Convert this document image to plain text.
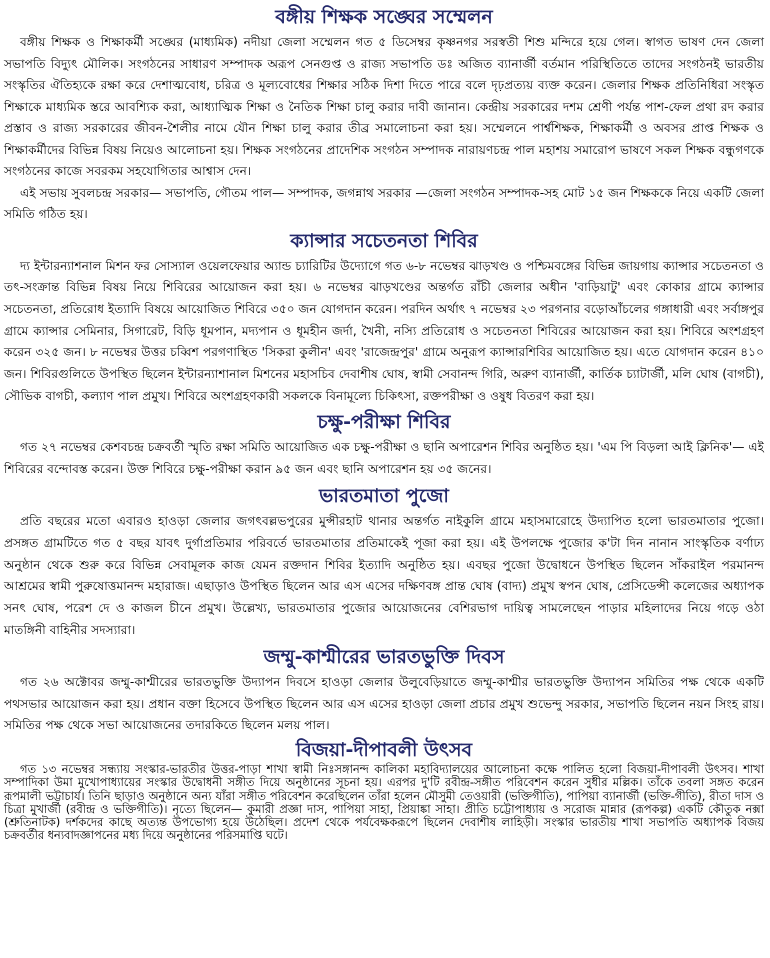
বঙ্গীয় শিক্ষক সঙ্ঘের সম্মেলন

বঙ্গীয় শিক্ষক ও শিক্ষাকর্মী সঙ্ঘের (মাধ্যমিক) নদীয়া জেলা সম্মেলন গত ৫ ডিসেম্বর কৃষ্ণনগর সরস্বতী শিশু মন্দিরে হয়ে গেল। স্বাগত ভাষণ দেন জেলা সভাপতি বিদ্যুৎ মৌলিক। সংগঠনের সাধারণ সম্পাদক অরূপ সেনগুপ্ত ও রাজ্য সভাপতি ডঃ অজিত ব্যানার্জী বর্তমান পরিস্থিতিতে তাদের সংগঠনই ভারতীয় সংস্কৃতির ঐতিহ্যকে রক্ষা করে দেশাত্মবোধ, চরিত্র ও মূল্যবোধের শিক্ষার সঠিক দিশা দিতে পারে বলে দৃঢ়প্রত্যয় ব্যক্ত করেন। জেলার শিক্ষক প্রতিনিধিরা সংস্কৃত শিক্ষাকে মাধ্যমিক স্তরে আবশ্যিক করা, আধ্যাত্মিক শিক্ষা ও নৈতিক শিক্ষা চালু করার দাবী জানান। কেন্দ্রীয় সরকারের দশম শ্রেণী পর্যন্ত পাশ-ফেল প্রথা রদ করার প্রস্তাব ও রাজ্য সরকারের জীবন-শৈলীর নামে যৌন শিক্ষা চালু করার তীব্র সমালোচনা করা হয়। সম্মেলনে পার্শ্বশিক্ষক, শিক্ষাকর্মী ও অবসর প্রাপ্ত শিক্ষক ও শিক্ষাকর্মীদের বিভিন্ন বিষয় নিয়েও আলোচনা হয়। শিক্ষক সংগঠনের প্রাদেশিক সংগঠন সম্পাদক নারায়ণচন্দ্র পাল মহাশয় সমারোপ ভাষণে সকল শিক্ষক বন্ধুগণকে সংগঠনের কাজে সবরকম সহযোগিতার আশ্বাস দেন।

এই সভায় সুবলচন্দ্র সরকার— সভাপতি, গৌতম পাল— সম্পাদক, জগন্নাথ সরকার —জেলা সংগঠন সম্পাদক-সহ মোট ১৫ জন শিক্ষককে নিয়ে একটি জেলা সমিতি গঠিত হয়।

ক্যান্সার সচেতনতা শিবির

দ্য ইন্টারন্যাশনাল মিশন ফর সোস্যাল ওয়েলফেয়ার অ্যান্ড চ্যারিটির উদ্যোগে গত ৬-৮ নভেম্বর ঝাড়খণ্ড ও পশ্চিমবঙ্গের বিভিন্ন জায়গায় ক্যান্সার সচেতনতা ও তৎ-সংক্রান্ত বিভিন্ন বিষয় নিয়ে শিবিরের আয়োজন করা হয়। ৬ নভেম্বর ঝাড়খণ্ডের অন্তর্গত রাঁচী জেলার অধীন 'বাড়িয়াটু' এবং কোকার গ্রামে ক্যান্সার সচেতনতা, প্রতিরোধ ইত্যাদি বিষয়ে আয়োজিত শিবিরে ৩৫০ জন যোগদান করেন। পরদিন অর্থাৎ ৭ নভেম্বর ২৩ পরগনার বড়োআঁচলের গঙ্গাধারী এবং সর্বাঙ্গপুর গ্রামে ক্যান্সার সেমিনার, সিগারেট, বিড়ি ধূমপান, মদ্যপান ও ধূমহীন জর্দা, খৈনী, নস্যি প্রতিরোধ ও সচেতনতা শিবিরের আয়োজন করা হয়। শিবিরে অংশগ্রহণ করেন ৩২৫ জন। ৮ নভেম্বর উত্তর চব্বিশ পরগণাস্থিত 'সিকরা কুলীন' এবং 'রাজেন্দ্রপুর' গ্রামে অনুরূপ ক্যান্সারশিবির আয়োজিত হয়। এতে যোগদান করেন ৪১০ জন। শিবিরগুলিতে উপস্থিত ছিলেন ইন্টারন্যাশানাল মিশনের মহাসচিব দেবাশীষ ঘোষ, স্বামী সেবানন্দ গিরি, অরুণ ব্যানার্জী, কার্তিক চ্যাটার্জী, মলি ঘোষ (বাগচী), সৌভিক বাগচী, কল্যাণ পাল প্রমুখ। শিবিরে অংশগ্রহণকারী সকলকে বিনামূল্যে চিকিৎসা, রক্তপরীক্ষা ও ওষুধ বিতরণ করা হয়।

চক্ষু-পরীক্ষা শিবির

গত ২৭ নভেম্বর কেশবচন্দ্র চক্রবর্তী স্মৃতি রক্ষা সমিতি আয়োজিত এক চক্ষু-পরীক্ষা ও ছানি অপারেশন শিবির অনুষ্ঠিত হয়। 'এম পি বিড়লা আই ক্লিনিক'— এই শিবিরের বন্দোবস্ত করেন। উক্ত শিবিরে চক্ষু-পরীক্ষা করান ৯৫ জন এবং ছানি অপারেশন হয় ৩৫ জনের।

ভারতমাতা পুজো

প্রতি বছরের মতো এবারও হাওড়া জেলার জগৎবল্লভপুরের মুন্সীরহাট থানার অন্তর্গত নাইকুলি গ্রামে মহাসমারোহে উদ্যাপিত হলো ভারতমাতার পুজো। প্রসঙ্গত গ্রামটিতে গত ৫ বছর যাবৎ দুর্গাপ্রতিমার পরিবর্তে ভারতমাতার প্রতিমাকেই পূজা করা হয়। এই উপলক্ষে পুজোর ক'টা দিন নানান সাংস্কৃতিক বর্ণাঢ্য অনুষ্ঠান থেকে শুরু করে বিভিন্ন সেবামূলক কাজ যেমন রক্তদান শিবির ইত্যাদি অনুষ্ঠিত হয়। এবছর পুজো উদ্বোধনে উপস্থিত ছিলেন সাঁকরাইল পরমানন্দ আশ্রমের স্বামী পুরুষোত্তমানন্দ মহারাজ। এছাড়াও উপস্থিত ছিলেন আর এস এসের দক্ষিণবঙ্গ প্রান্ত ঘোষ (বাদ্য) প্রমুখ স্বপন ঘোষ, প্রেসিডেন্সী কলেজের অধ্যাপক সনৎ ঘোষ, পরেশ দে ও কাজল চীনে প্রমুখ। উল্লেখ্য, ভারতমাতার পুজোর আয়োজনের বেশিরভাগ দায়িত্ব সামলেছেন পাড়ার মহিলাদের নিয়ে গড়ে ওঠা মাতঙ্গিনী বাহিনীর সদস্যারা।

জম্মু-কাশ্মীরের ভারতভুক্তি দিবস

গত ২৬ অক্টোবর জম্মু-কাশ্মীরের ভারতভুক্তি উদ্যাপন দিবসে হাওড়া জেলার উলুবেড়িয়াতে জম্মু-কাশ্মীর ভারতভুক্তি উদ্যাপন সমিতির পক্ষ থেকে একটি পথসভার আয়োজন করা হয়। প্রধান বক্তা হিসেবে উপস্থিত ছিলেন আর এস এসের হাওড়া জেলা প্রচার প্রমুখ শুভেন্দু সরকার, সভাপতি ছিলেন নয়ন সিংহ রায়। সমিতির পক্ষ থেকে সভা আয়োজনের তদারকিতে ছিলেন মলয় পাল।

বিজয়া-দীপাবলী উৎসব

গত ১৩ নভেম্বর সন্ধ্যায় সংস্কার-ভারতীর উত্তর-পাড়া শাখা স্বামী নিঃসঙ্গানন্দ কালিকা মহাবিদ্যালয়ের আলোচনা কক্ষে পালিত হলো বিজয়া-দীপাবলী উৎসব। শাখা সম্পাদিকা উমা মুখোপাধ্যায়ের সংস্কার উদ্বোধনী সঙ্গীত দিয়ে অনুষ্ঠানের সূচনা হয়। এরপর দু'টি রবীন্দ্র-সঙ্গীত পরিবেশন করেন সুধীর মল্লিক। তাঁকে তবলা সঙ্গত করেন রূপমালী ভট্টাচার্য। তিনি ছাড়াও অনুষ্ঠানে অন্য যাঁরা সঙ্গীত পরিবেশন করেছিলেন তাঁরা হলেন মৌসুমী তেওয়ারী (ভক্তিগীতি), পাপিয়া ব্যানার্জী (ভক্তি-গীতি), রীতা দাস ও চিত্রা মুখার্জী (রবীন্দ্র ও ভক্তিগীতি)। নৃত্যে ছিলেন— কুমারী প্রজ্ঞা দাস, পাপিয়া সাহা, প্রিয়াঙ্কা সাহা। প্রীতি চট্টোপাধ্যায় ও সরোজ মান্নার (রূপকল্প) একটি কৌতুক নক্সা (শ্রুতিনাটক) দর্শকদের কাছে অত্যন্ত উপভোগ্য হয়ে উঠেছিল। প্রদেশ থেকে পর্যবেক্ষকরূপে ছিলেন দেবাশীষ লাহিড়ী। সংস্কার ভারতীয় শাখা সভাপতি অধ্যাপক বিজয় চক্রবর্তীর ধন্যবাদজ্ঞাপনের মধ্য দিয়ে অনুষ্ঠানের পরিসমাপ্তি ঘটে।
